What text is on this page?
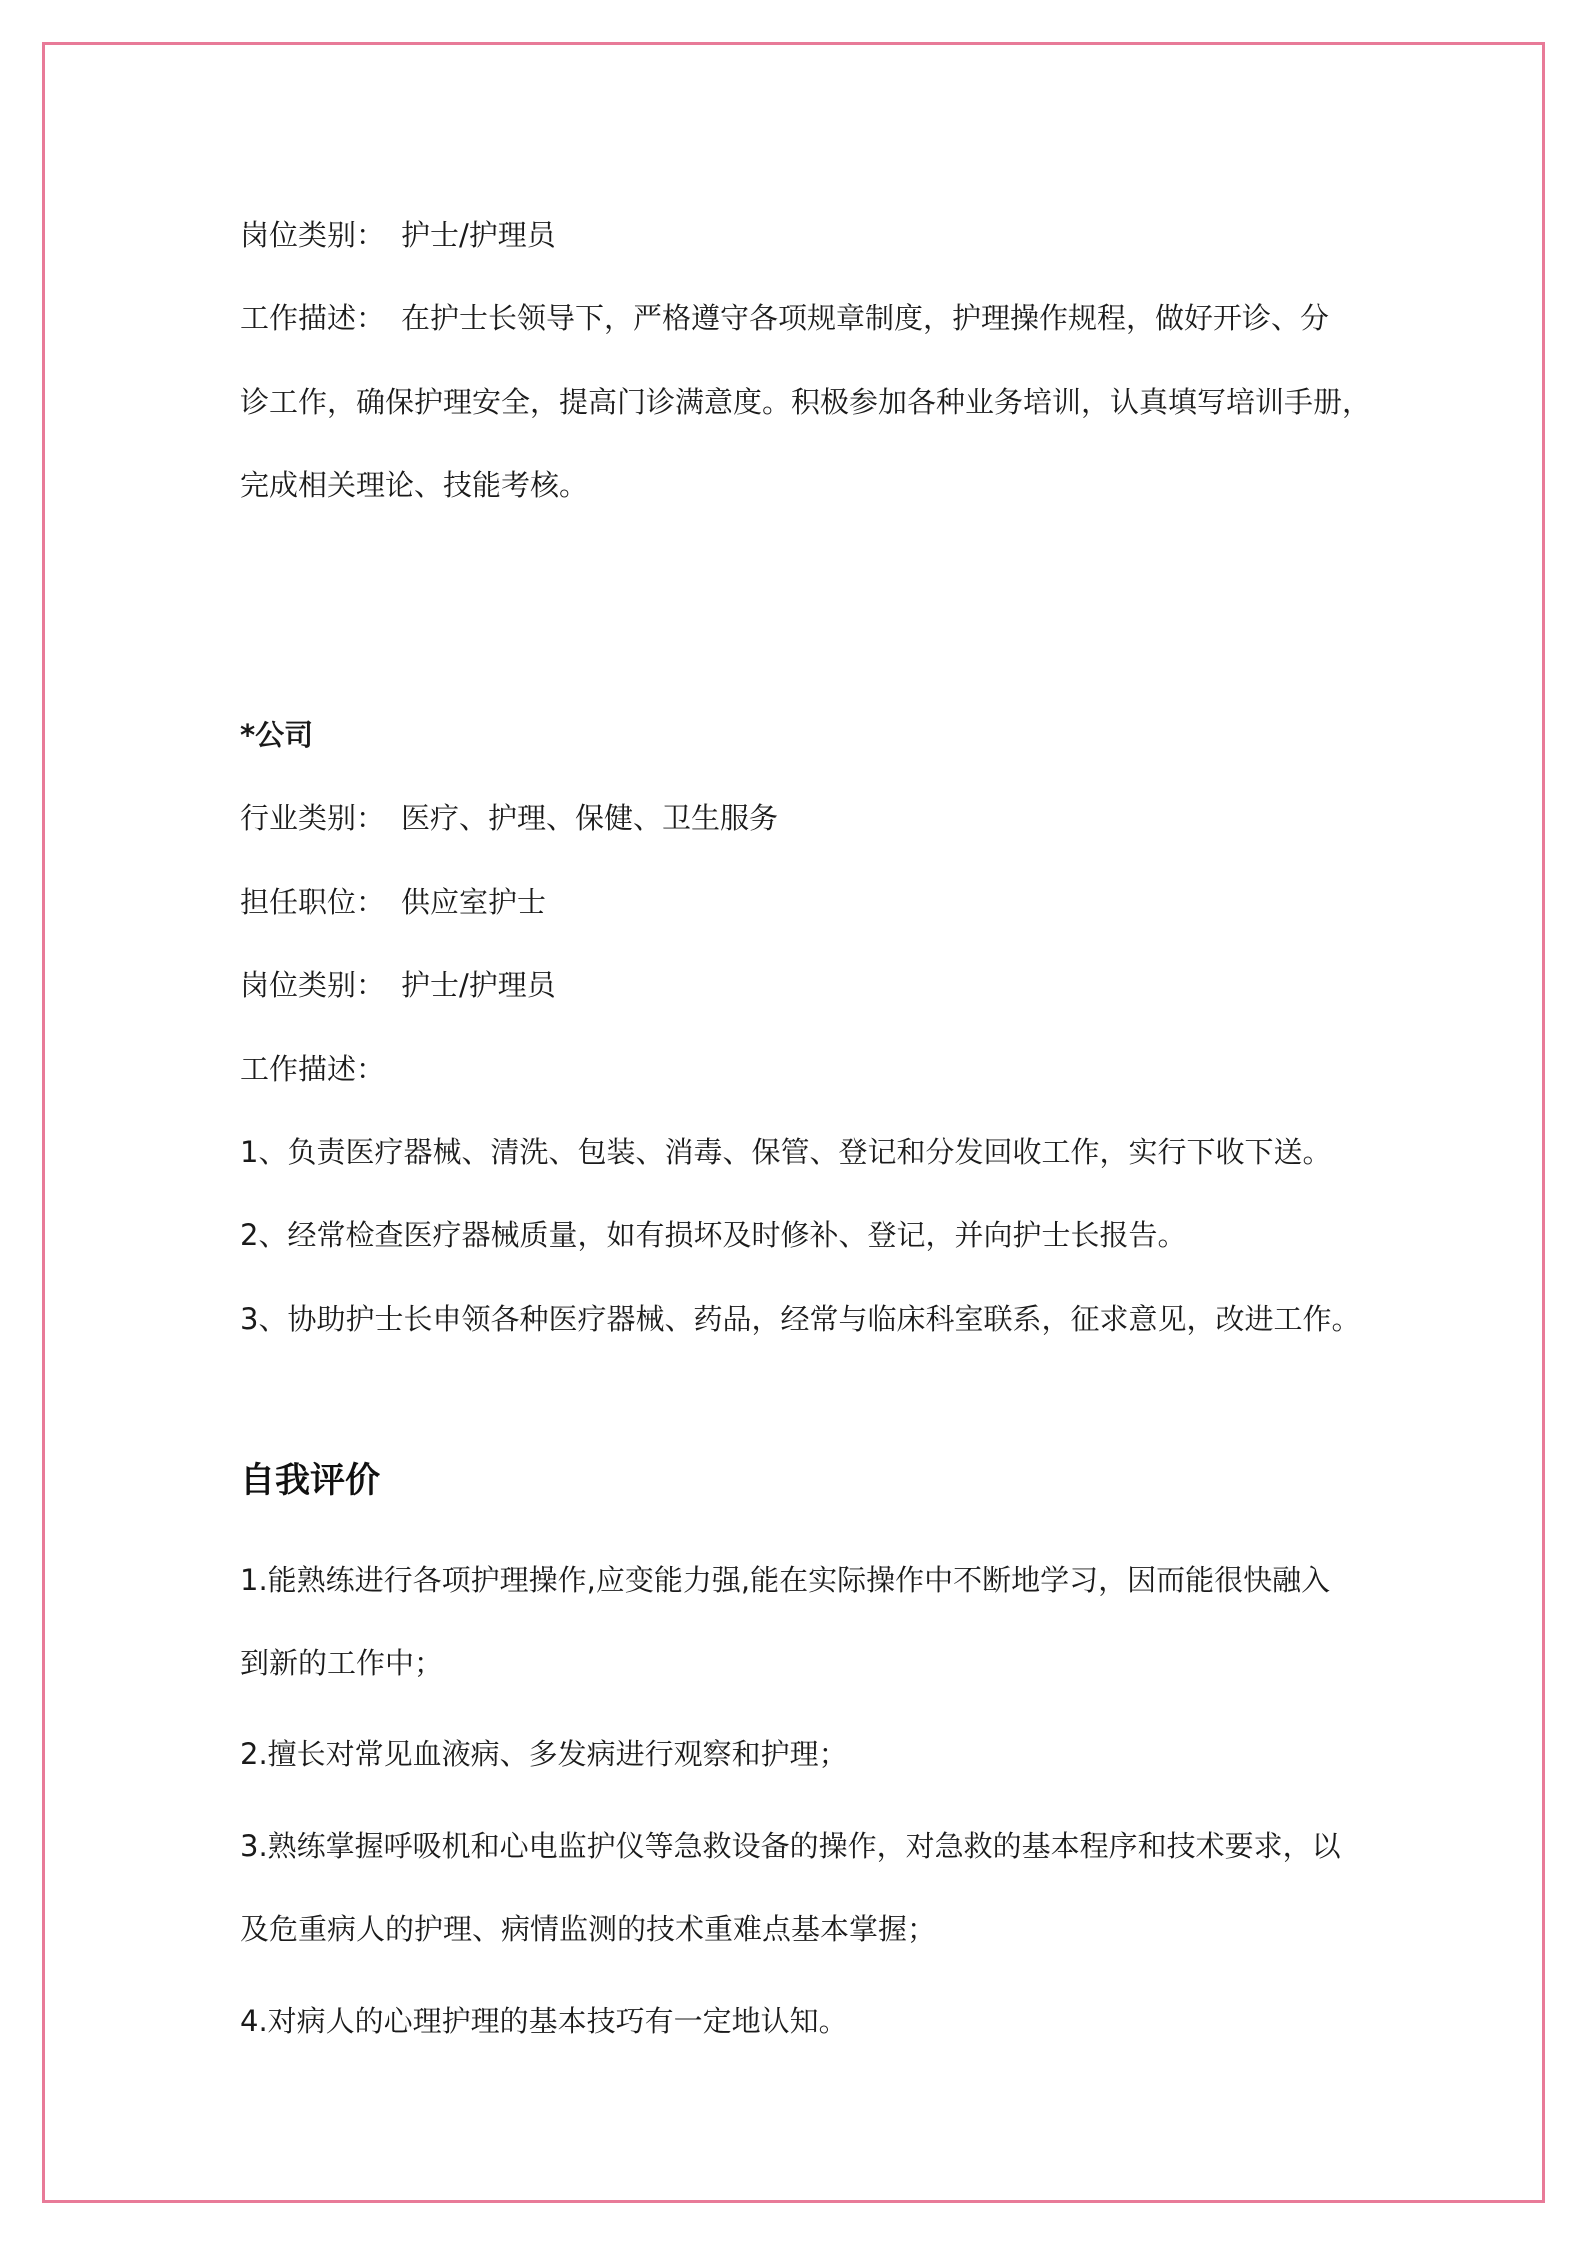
岗位类别： 护士/护理员
工作描述： 在护士长领导下，严格遵守各项规章制度，护理操作规程，做好开诊、分
诊工作，确保护理安全，提高门诊满意度。积极参加各种业务培训，认真填写培训手册，
完成相关理论、技能考核。
*公司
行业类别： 医疗、护理、保健、卫生服务
担任职位： 供应室护士
岗位类别： 护士/护理员
工作描述：
1、负责医疗器械、清洗、包装、消毒、保管、登记和分发回收工作，实行下收下送。
2、经常检查医疗器械质量，如有损坏及时修补、登记，并向护士长报告。
3、协助护士长申领各种医疗器械、药品，经常与临床科室联系，征求意见，改进工作。
自我评价
1.能熟练进行各项护理操作,应变能力强,能在实际操作中不断地学习，因而能很快融入
到新的工作中；
2.擅长对常见血液病、多发病进行观察和护理；
3.熟练掌握呼吸机和心电监护仪等急救设备的操作，对急救的基本程序和技术要求，以
及危重病人的护理、病情监测的技术重难点基本掌握；
4.对病人的心理护理的基本技巧有一定地认知。
